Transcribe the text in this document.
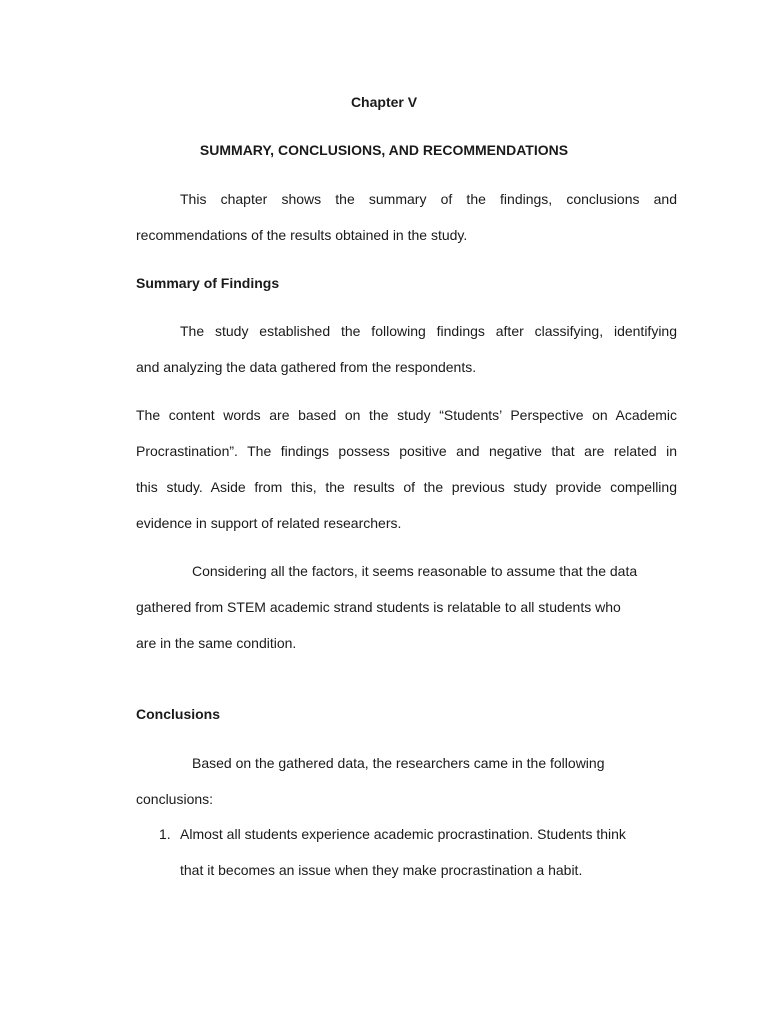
Chapter V
SUMMARY, CONCLUSIONS, AND RECOMMENDATIONS
This chapter shows the summary of the findings, conclusions and
recommendations of the results obtained in the study.
Summary of Findings
The study established the following findings after classifying, identifying
and analyzing the data gathered from the respondents.
The content words are based on the study “Students’ Perspective on Academic
Procrastination”. The findings possess positive and negative that are related in
this study. Aside from this, the results of the previous study provide compelling
evidence in support of related researchers.
Considering all the factors, it seems reasonable to assume that the data
gathered from STEM academic strand students is relatable to all students who
are in the same condition.
Conclusions
Based on the gathered data, the researchers came in the following
conclusions:
1. Almost all students experience academic procrastination. Students think
that it becomes an issue when they make procrastination a habit.
